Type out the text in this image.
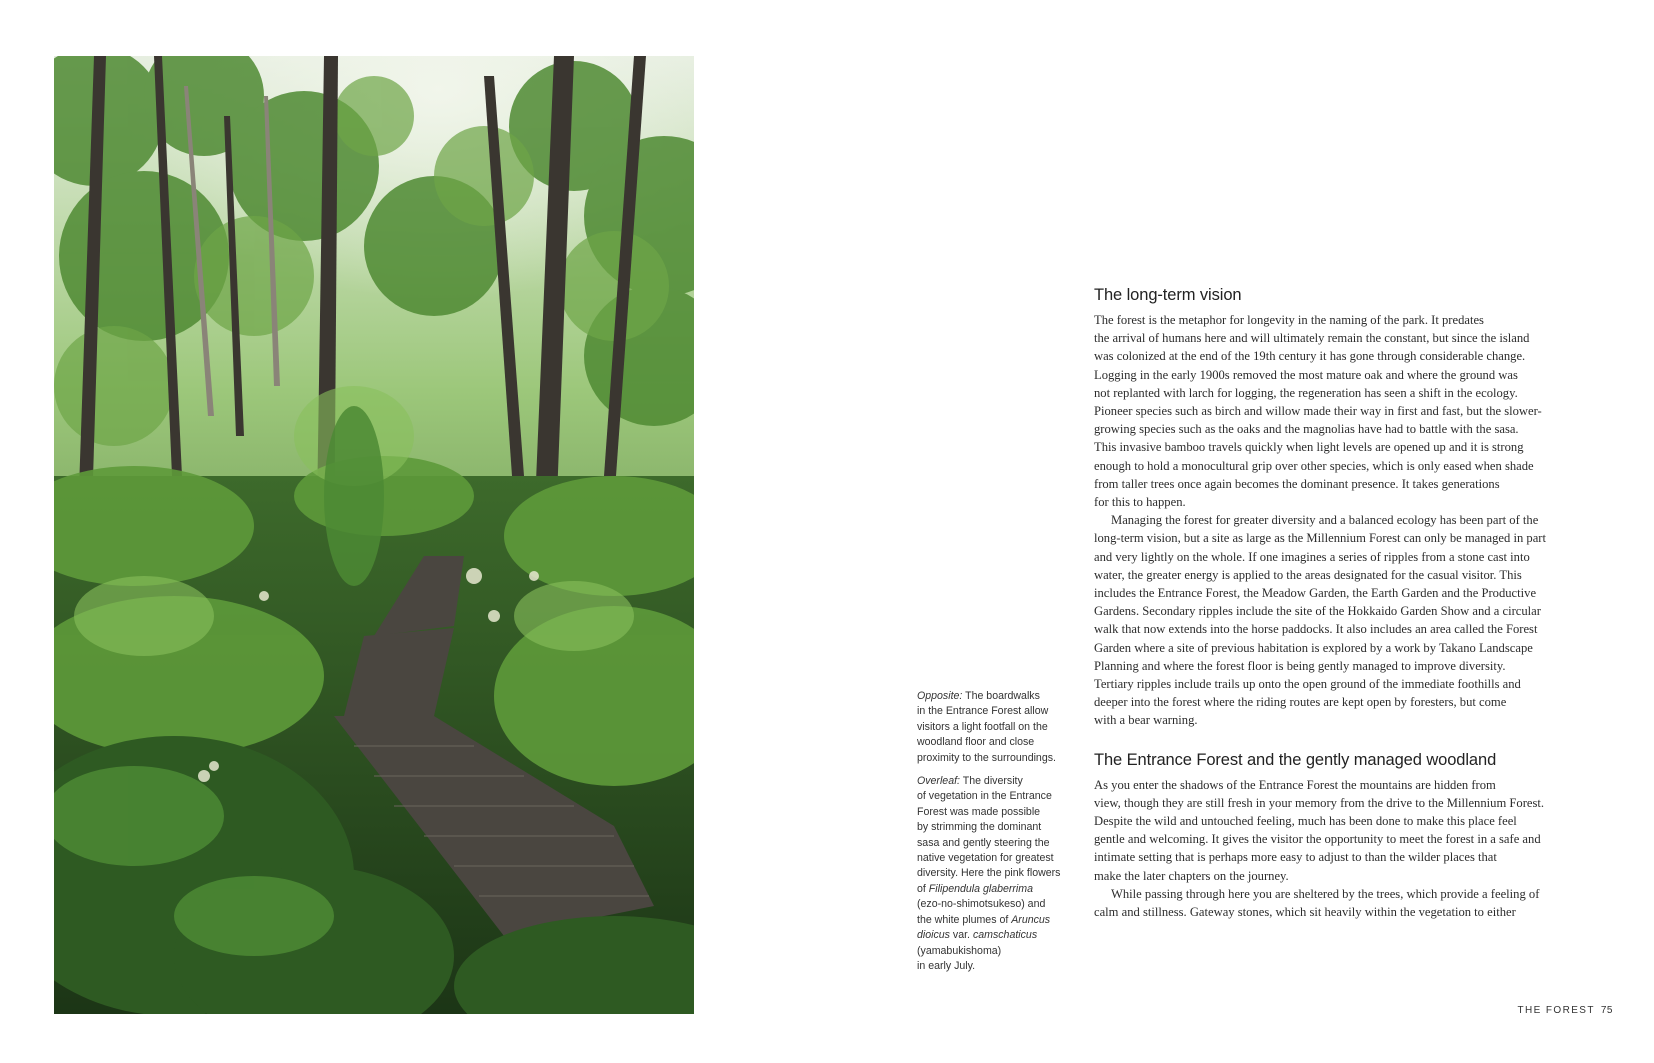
Opposite: The boardwalks
in the Entrance Forest allow
visitors a light footfall on the
woodland floor and close
proximity to the surroundings.

Overleaf: The diversity
of vegetation in the Entrance
Forest was made possible
by strimming the dominant
sasa and gently steering the
native vegetation for greatest
diversity. Here the pink flowers
of Filipendula glaberrima
(ezo-no-shimotsukeso) and
the white plumes of Aruncus
dioicus var. camschaticus
(yamabukishoma)
in early July.

The long-term vision

The forest is the metaphor for longevity in the naming of the park. It predates
the arrival of humans here and will ultimately remain the constant, but since the island
was colonized at the end of the 19th century it has gone through considerable change.
Logging in the early 1900s removed the most mature oak and where the ground was
not replanted with larch for logging, the regeneration has seen a shift in the ecology.
Pioneer species such as birch and willow made their way in first and fast, but the slower-
growing species such as the oaks and the magnolias have had to battle with the sasa.
This invasive bamboo travels quickly when light levels are opened up and it is strong
enough to hold a monocultural grip over other species, which is only eased when shade
from taller trees once again becomes the dominant presence. It takes generations
for this to happen.

Managing the forest for greater diversity and a balanced ecology has been part of the
long-term vision, but a site as large as the Millennium Forest can only be managed in part
and very lightly on the whole. If one imagines a series of ripples from a stone cast into
water, the greater energy is applied to the areas designated for the casual visitor. This
includes the Entrance Forest, the Meadow Garden, the Earth Garden and the Productive
Gardens. Secondary ripples include the site of the Hokkaido Garden Show and a circular
walk that now extends into the horse paddocks. It also includes an area called the Forest
Garden where a site of previous habitation is explored by a work by Takano Landscape
Planning and where the forest floor is being gently managed to improve diversity.
Tertiary ripples include trails up onto the open ground of the immediate foothills and
deeper into the forest where the riding routes are kept open by foresters, but come
with a bear warning.

The Entrance Forest and the gently managed woodland

As you enter the shadows of the Entrance Forest the mountains are hidden from
view, though they are still fresh in your memory from the drive to the Millennium Forest.
Despite the wild and untouched feeling, much has been done to make this place feel
gentle and welcoming. It gives the visitor the opportunity to meet the forest in a safe and
intimate setting that is perhaps more easy to adjust to than the wilder places that
make the later chapters on the journey.

While passing through here you are sheltered by the trees, which provide a feeling of
calm and stillness. Gateway stones, which sit heavily within the vegetation to either

THE FOREST 75
